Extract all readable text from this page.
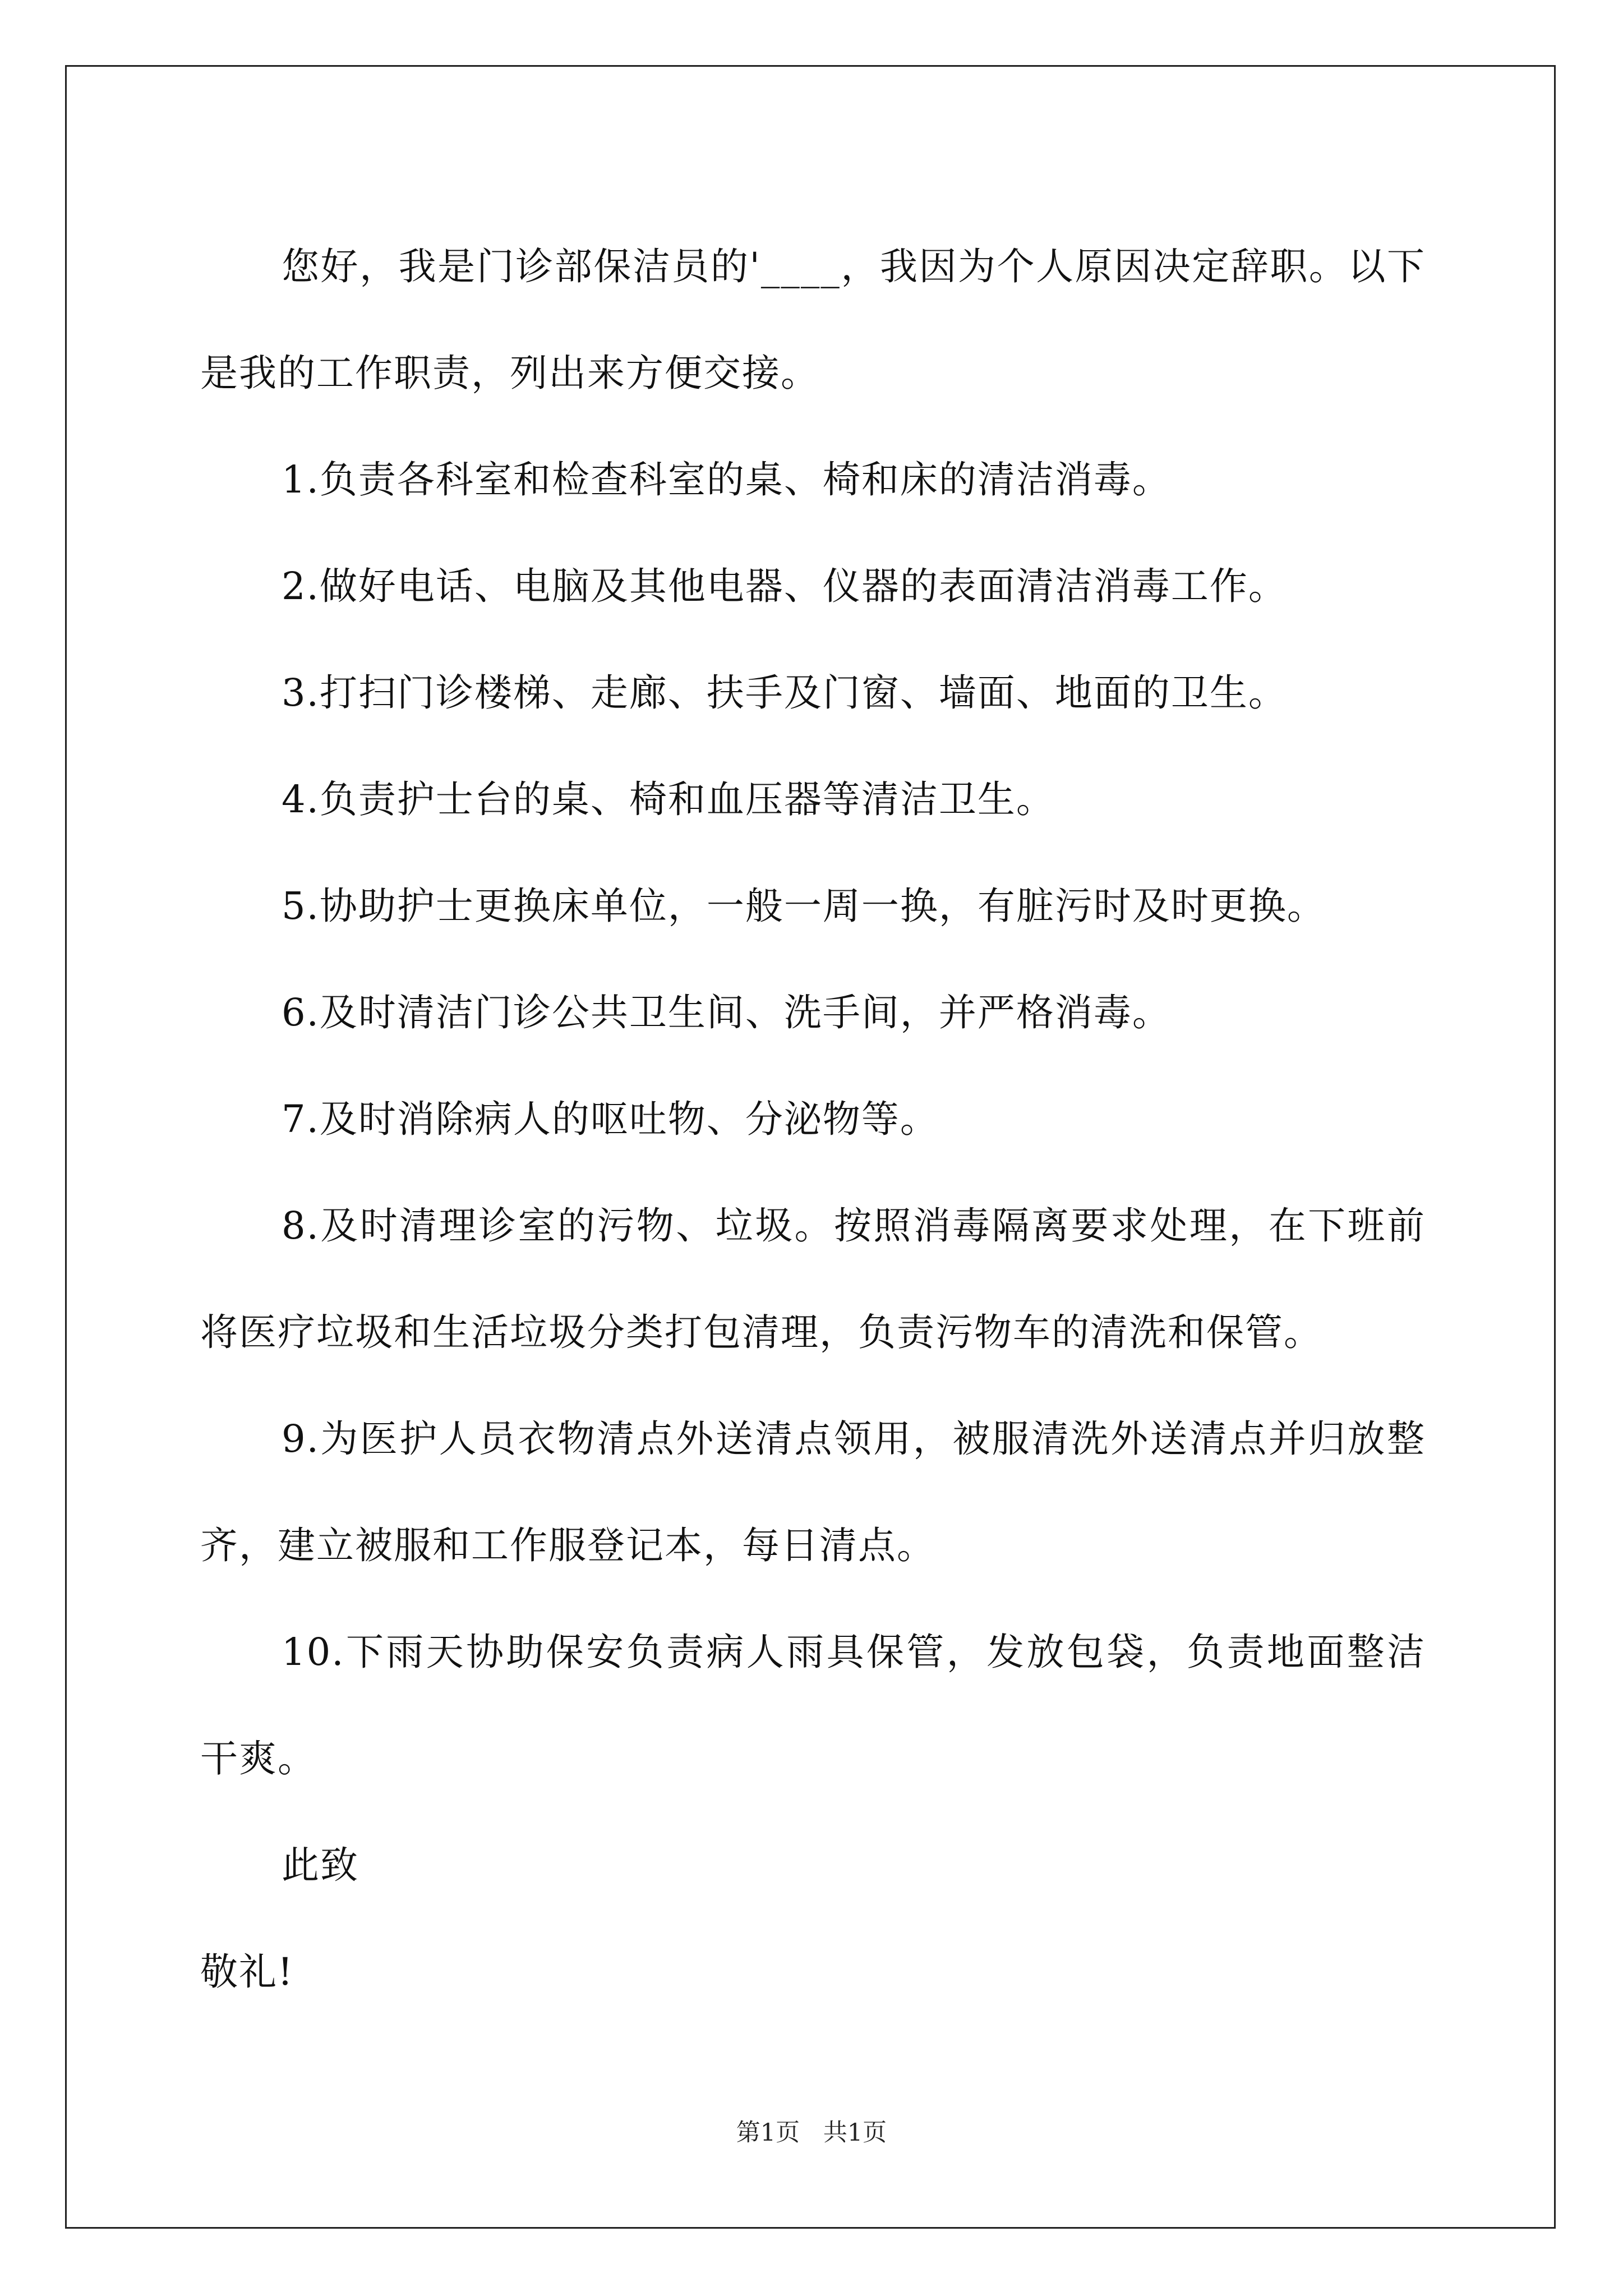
您好，我是门诊部保洁员的'____，我因为个人原因决定辞职。以下是我的工作职责，列出来方便交接。

1.负责各科室和检查科室的桌、椅和床的清洁消毒。

2.做好电话、电脑及其他电器、仪器的表面清洁消毒工作。

3.打扫门诊楼梯、走廊、扶手及门窗、墙面、地面的卫生。

4.负责护士台的桌、椅和血压器等清洁卫生。

5.协助护士更换床单位，一般一周一换，有脏污时及时更换。

6.及时清洁门诊公共卫生间、洗手间，并严格消毒。

7.及时消除病人的呕吐物、分泌物等。

8.及时清理诊室的污物、垃圾。按照消毒隔离要求处理，在下班前将医疗垃圾和生活垃圾分类打包清理，负责污物车的清洗和保管。

9.为医护人员衣物清点外送清点领用，被服清洗外送清点并归放整齐，建立被服和工作服登记本，每日清点。

10.下雨天协助保安负责病人雨具保管，发放包袋，负责地面整洁干爽。

此致

敬礼!

第1页 共1页
